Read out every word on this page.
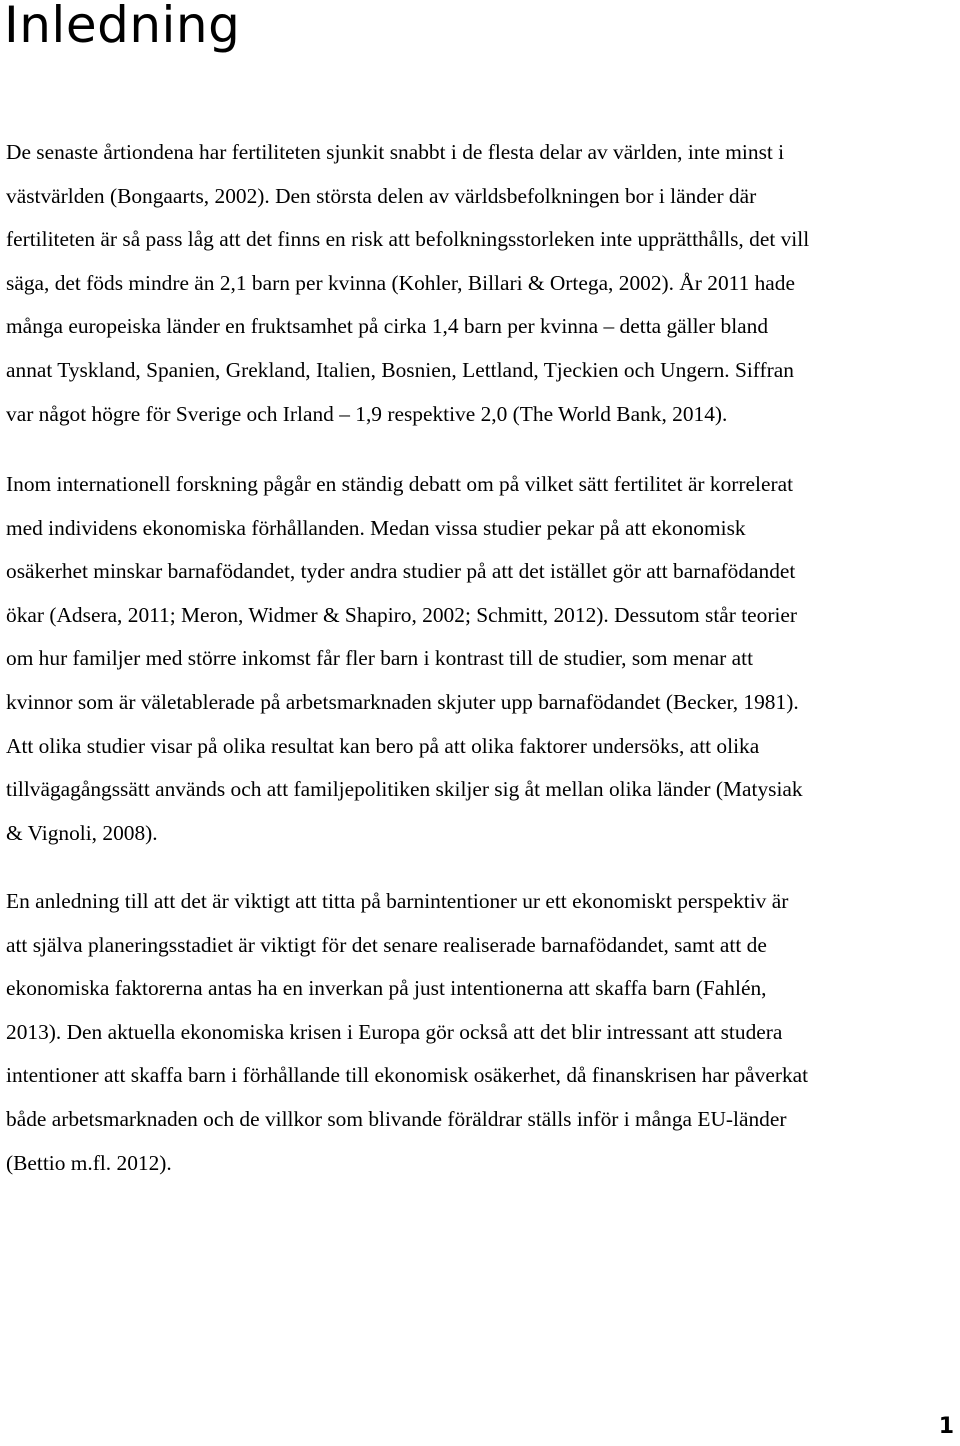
Inledning

De senaste årtiondena har fertiliteten sjunkit snabbt i de flesta delar av världen, inte minst i
västvärlden (Bongaarts, 2002). Den största delen av världsbefolkningen bor i länder där
fertiliteten är så pass låg att det finns en risk att befolkningsstorleken inte upprätthålls, det vill
säga, det föds mindre än 2,1 barn per kvinna (Kohler, Billari & Ortega, 2002). År 2011 hade
många europeiska länder en fruktsamhet på cirka 1,4 barn per kvinna – detta gäller bland
annat Tyskland, Spanien, Grekland, Italien, Bosnien, Lettland, Tjeckien och Ungern. Siffran
var något högre för Sverige och Irland – 1,9 respektive 2,0 (The World Bank, 2014).

Inom internationell forskning pågår en ständig debatt om på vilket sätt fertilitet är korrelerat
med individens ekonomiska förhållanden. Medan vissa studier pekar på att ekonomisk
osäkerhet minskar barnafödandet, tyder andra studier på att det istället gör att barnafödandet
ökar (Adsera, 2011; Meron, Widmer & Shapiro, 2002; Schmitt, 2012). Dessutom står teorier
om hur familjer med större inkomst får fler barn i kontrast till de studier, som menar att
kvinnor som är väletablerade på arbetsmarknaden skjuter upp barnafödandet (Becker, 1981).
Att olika studier visar på olika resultat kan bero på att olika faktorer undersöks, att olika
tillvägagångssätt används och att familjepolitiken skiljer sig åt mellan olika länder (Matysiak
& Vignoli, 2008).

En anledning till att det är viktigt att titta på barnintentioner ur ett ekonomiskt perspektiv är
att själva planeringsstadiet är viktigt för det senare realiserade barnafödandet, samt att de
ekonomiska faktorerna antas ha en inverkan på just intentionerna att skaffa barn (Fahlén,
2013). Den aktuella ekonomiska krisen i Europa gör också att det blir intressant att studera
intentioner att skaffa barn i förhållande till ekonomisk osäkerhet, då finanskrisen har påverkat
både arbetsmarknaden och de villkor som blivande föräldrar ställs inför i många EU-länder
(Bettio m.fl. 2012).

1
